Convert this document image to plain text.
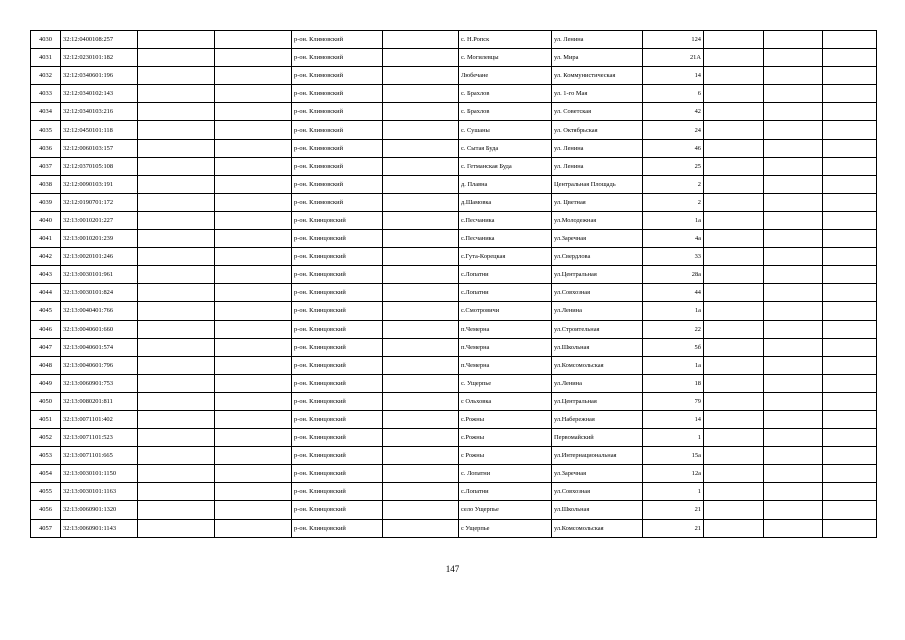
4030	32:12:0400108:257			р-он. Климовский		с. Н.Ропск	ул. Ленина	124			
4031	32:12:0230101:182			р-он. Климовский		с. Могилевцы	ул. Мира	21А			
4032	32:12:0340601:196			р-он. Климовский		Любечане	ул. Коммунистическая	14			
4033	32:12:0340102:143			р-он. Климовский		с. Брахлов	ул. 1-го Мая	6			
4034	32:12:0340103:216			р-он. Климовский		с. Брахлов	ул. Советская	42			
4035	32:12:0450101:118			р-он. Климовский		с. Сушаны	ул. Октябрьская	24			
4036	32:12:0060103:157			р-он. Климовский		с. Сытая Буда	ул. Ленина	46			
4037	32:12:0370105:108			р-он. Климовский		с. Гетманская Буда	ул. Ленина	25			
4038	32:12:0090103:191			р-он. Климовский		д. Плавна	Центральная Площадь	2			
4039	32:12:0190701:172			р-он. Климовский		д.Шамовка	ул. Цветная	2			
4040	32:13:0010201:227			р-он. Клинцовский		с.Песчаника	ул.Молодежная	1а			
4041	32:13:0010201:239			р-он. Клинцовский		с.Песчаника	ул.Заречная	4а			
4042	32:13:0020101:246			р-он. Клинцовский		с.Гута-Корецкая	ул.Свердлова	33			
4043	32:13:0030101:961			р-он. Клинцовский		с.Лопатни	ул.Центральная	28а			
4044	32:13:0030101:824			р-он. Клинцовский		с.Лопатни	ул.Совхозная	44			
4045	32:13:0040401:766			р-он. Клинцовский		с.Смотровичи	ул.Ленина	1а			
4046	32:13:0040601:660			р-он. Клинцовский		п.Чемерна	ул.Строительная	22			
4047	32:13:0040601:574			р-он. Клинцовский		п.Чемерна	ул.Школьная	5б			
4048	32:13:0040601:796			р-он. Клинцовский		п.Чемерна	ул.Комсомольская	1а			
4049	32:13:0060901:753			р-он. Клинцовский		с. Ущерпье	ул.Ленина	18			
4050	32:13:0080201:811			р-он. Клинцовский		с Ольховка	ул.Центральная	79			
4051	32:13:0071101:402			р-он. Клинцовский		с.Рожны	ул.Набережная	14			
4052	32:13:0071101:523			р-он. Клинцовский		с.Рожны	Первомайский	1			
4053	32:13:0071101:665			р-он. Клинцовский		с Рожны	ул.Интернациональная	15а			
4054	32:13:0030101:1150			р-он. Клинцовский		с. Лопатни	ул.Заречная	12а			
4055	32:13:0030101:1163			р-он. Клинцовский		с.Лопатни	ул.Совхозная	1			
4056	32:13:0060901:1320			р-он. Клинцовский		село Ущерпье	ул.Школьная	21			
4057	32:13:0060901:1143			р-он. Клинцовский		с Ущерпье	ул.Комсомольская	21			
147
